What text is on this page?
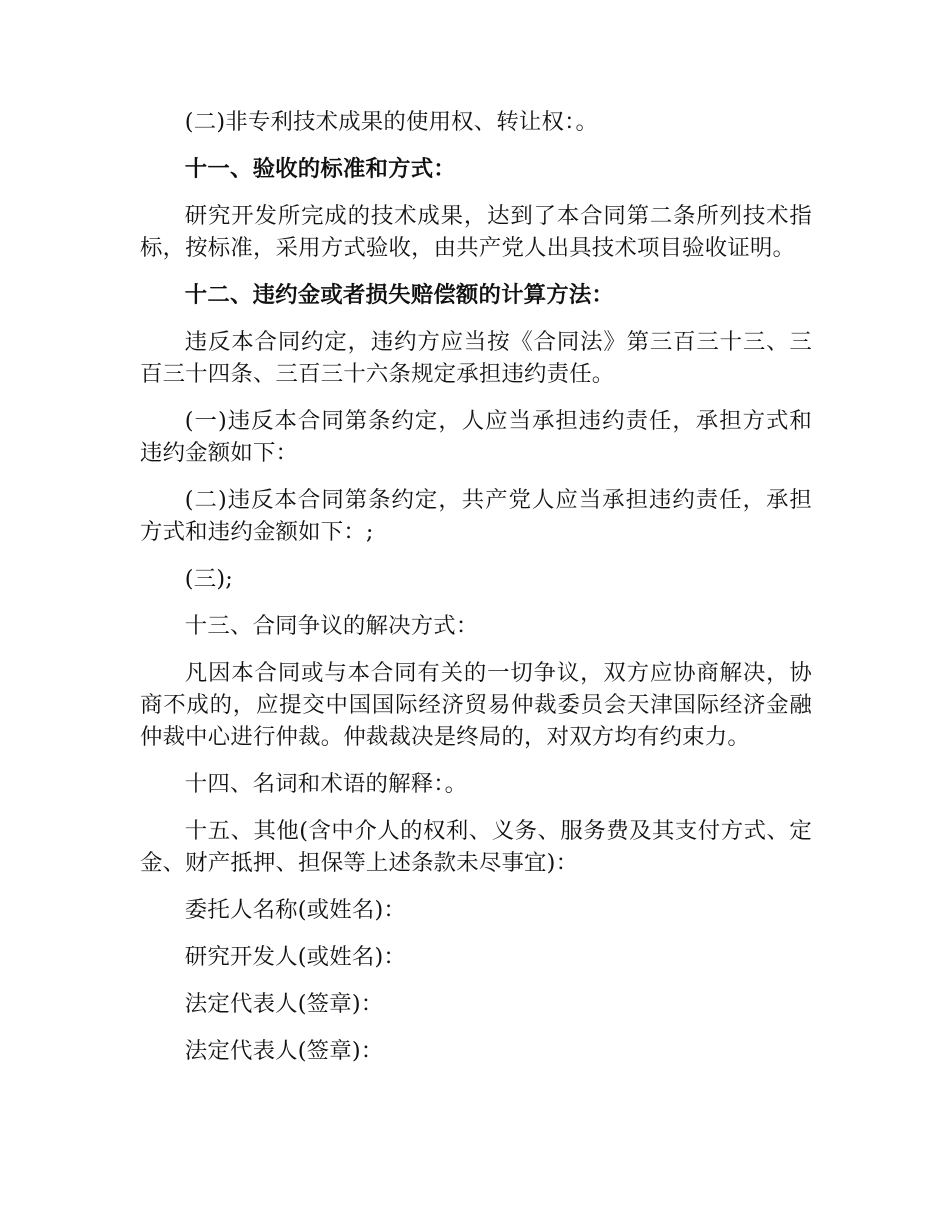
(二)非专利技术成果的使用权、转让权：。

十一、验收的标准和方式：

研究开发所完成的技术成果，达到了本合同第二条所列技术指标，按标准，采用方式验收，由共产党人出具技术项目验收证明。

十二、违约金或者损失赔偿额的计算方法：

违反本合同约定，违约方应当按《合同法》第三百三十三、三百三十四条、三百三十六条规定承担违约责任。

(一)违反本合同第条约定，人应当承担违约责任，承担方式和违约金额如下：

(二)违反本合同第条约定，共产党人应当承担违约责任，承担方式和违约金额如下：;

(三);

十三、合同争议的解决方式：

凡因本合同或与本合同有关的一切争议，双方应协商解决，协商不成的，应提交中国国际经济贸易仲裁委员会天津国际经济金融仲裁中心进行仲裁。仲裁裁决是终局的，对双方均有约束力。

十四、名词和术语的解释：。

十五、其他(含中介人的权利、义务、服务费及其支付方式、定金、财产抵押、担保等上述条款未尽事宜)：

委托人名称(或姓名)：

研究开发人(或姓名)：

法定代表人(签章)：

法定代表人(签章)：
